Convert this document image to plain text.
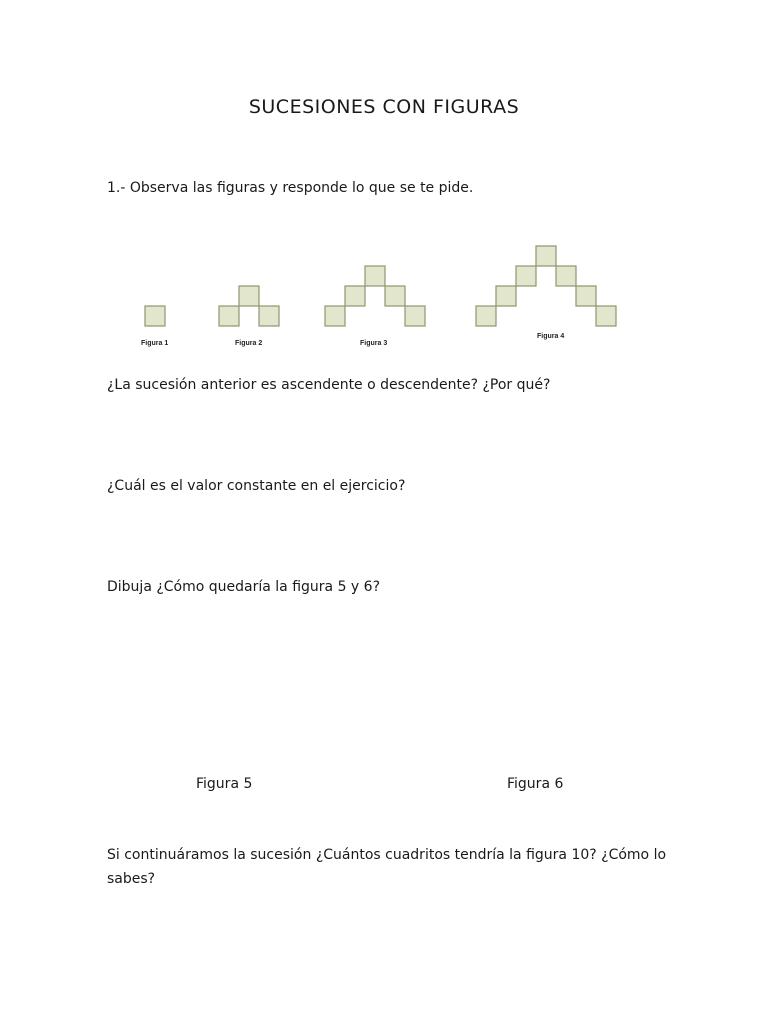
SUCESIONES CON FIGURAS
1.- Observa las figuras y responde lo que se te pide.
Figura 1	Figura 2	Figura 3
Figura 4
¿La sucesión anterior es ascendente o descendente? ¿Por qué?
¿Cuál es el valor constante en el ejercicio?
Dibuja ¿Cómo quedaría la figura 5 y 6?
Figura 5	Figura 6
Si continuáramos la sucesión ¿Cuántos cuadritos tendría la figura 10? ¿Cómo lo sabes?
